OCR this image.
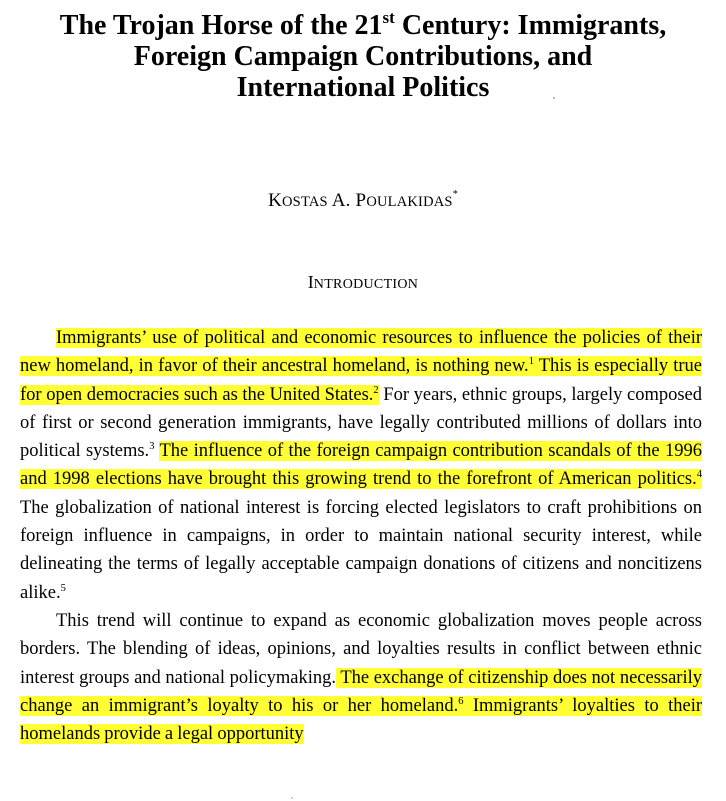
The Trojan Horse of the 21st Century: Immigrants,
Foreign Campaign Contributions, and
International Politics
KOSTAS A. POULAKIDAS*
INTRODUCTION

Immigrants’ use of political and economic resources to influence the policies of their new homeland, in favor of their ancestral homeland, is nothing new.$^1$ This is especially true for open democracies such as the United States.$^2$ For years, ethnic groups, largely composed of first or second generation immigrants, have legally contributed millions of dollars into political systems.$^3$ The influence of the foreign campaign contribution scandals of the 1996 and 1998 elections have brought this growing trend to the forefront of American politics.$^4$ The globalization of national interest is forcing elected legislators to craft prohibitions on foreign influence in campaigns, in order to maintain national security interest, while delineating the terms of legally acceptable campaign donations of citizens and noncitizens alike.$^5$

This trend will continue to expand as economic globalization moves people across borders. The blending of ideas, opinions, and loyalties results in conflict between ethnic interest groups and national policymaking. The exchange of citizenship does not necessarily change an immigrant’s loyalty to his or her homeland.$^6$ Immigrants’ loyalties to their homelands provide a legal opportunity
